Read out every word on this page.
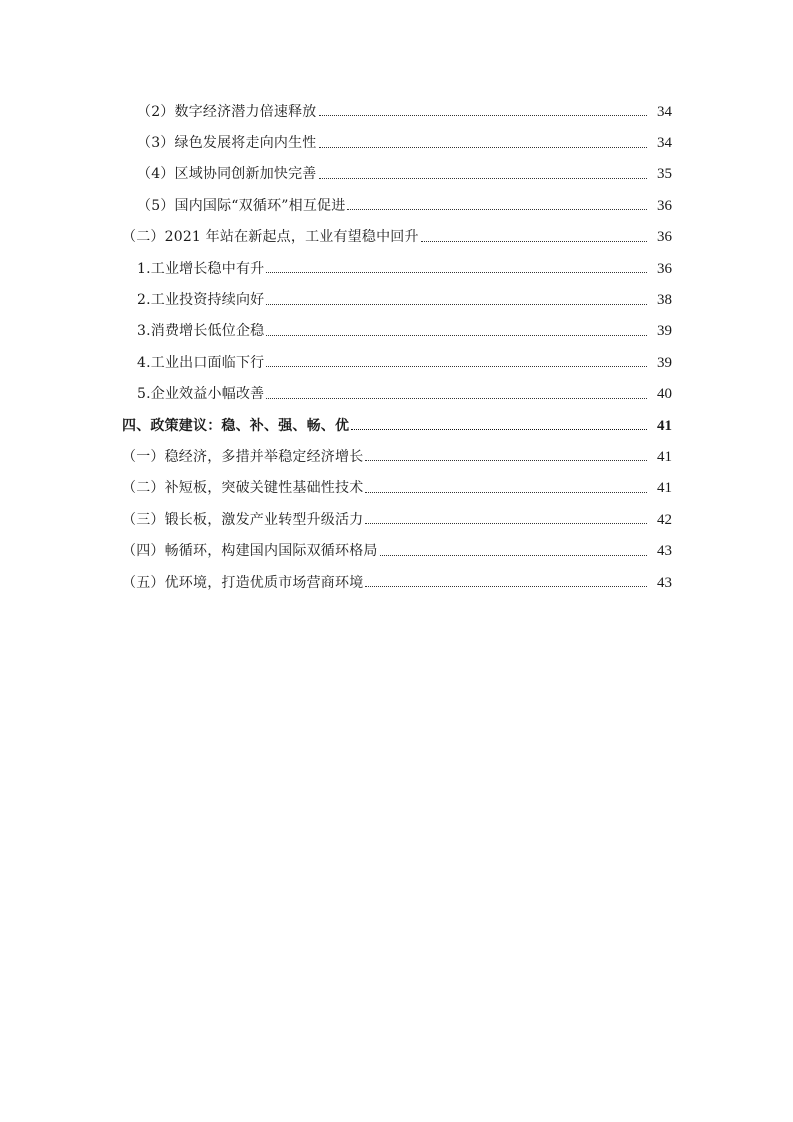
（2）数字经济潜力倍速释放	34
（3）绿色发展将走向内生性	34
（4）区域协同创新加快完善	35
（5）国内国际“双循环”相互促进	36
（二）2021 年站在新起点，工业有望稳中回升	36
1.工业增长稳中有升	36
2.工业投资持续向好	38
3.消费增长低位企稳	39
4.工业出口面临下行	39
5.企业效益小幅改善	40
四、政策建议：稳、补、强、畅、优	41
（一）稳经济，多措并举稳定经济增长	41
（二）补短板，突破关键性基础性技术	41
（三）锻长板，激发产业转型升级活力	42
（四）畅循环，构建国内国际双循环格局	43
（五）优环境，打造优质市场营商环境	43
